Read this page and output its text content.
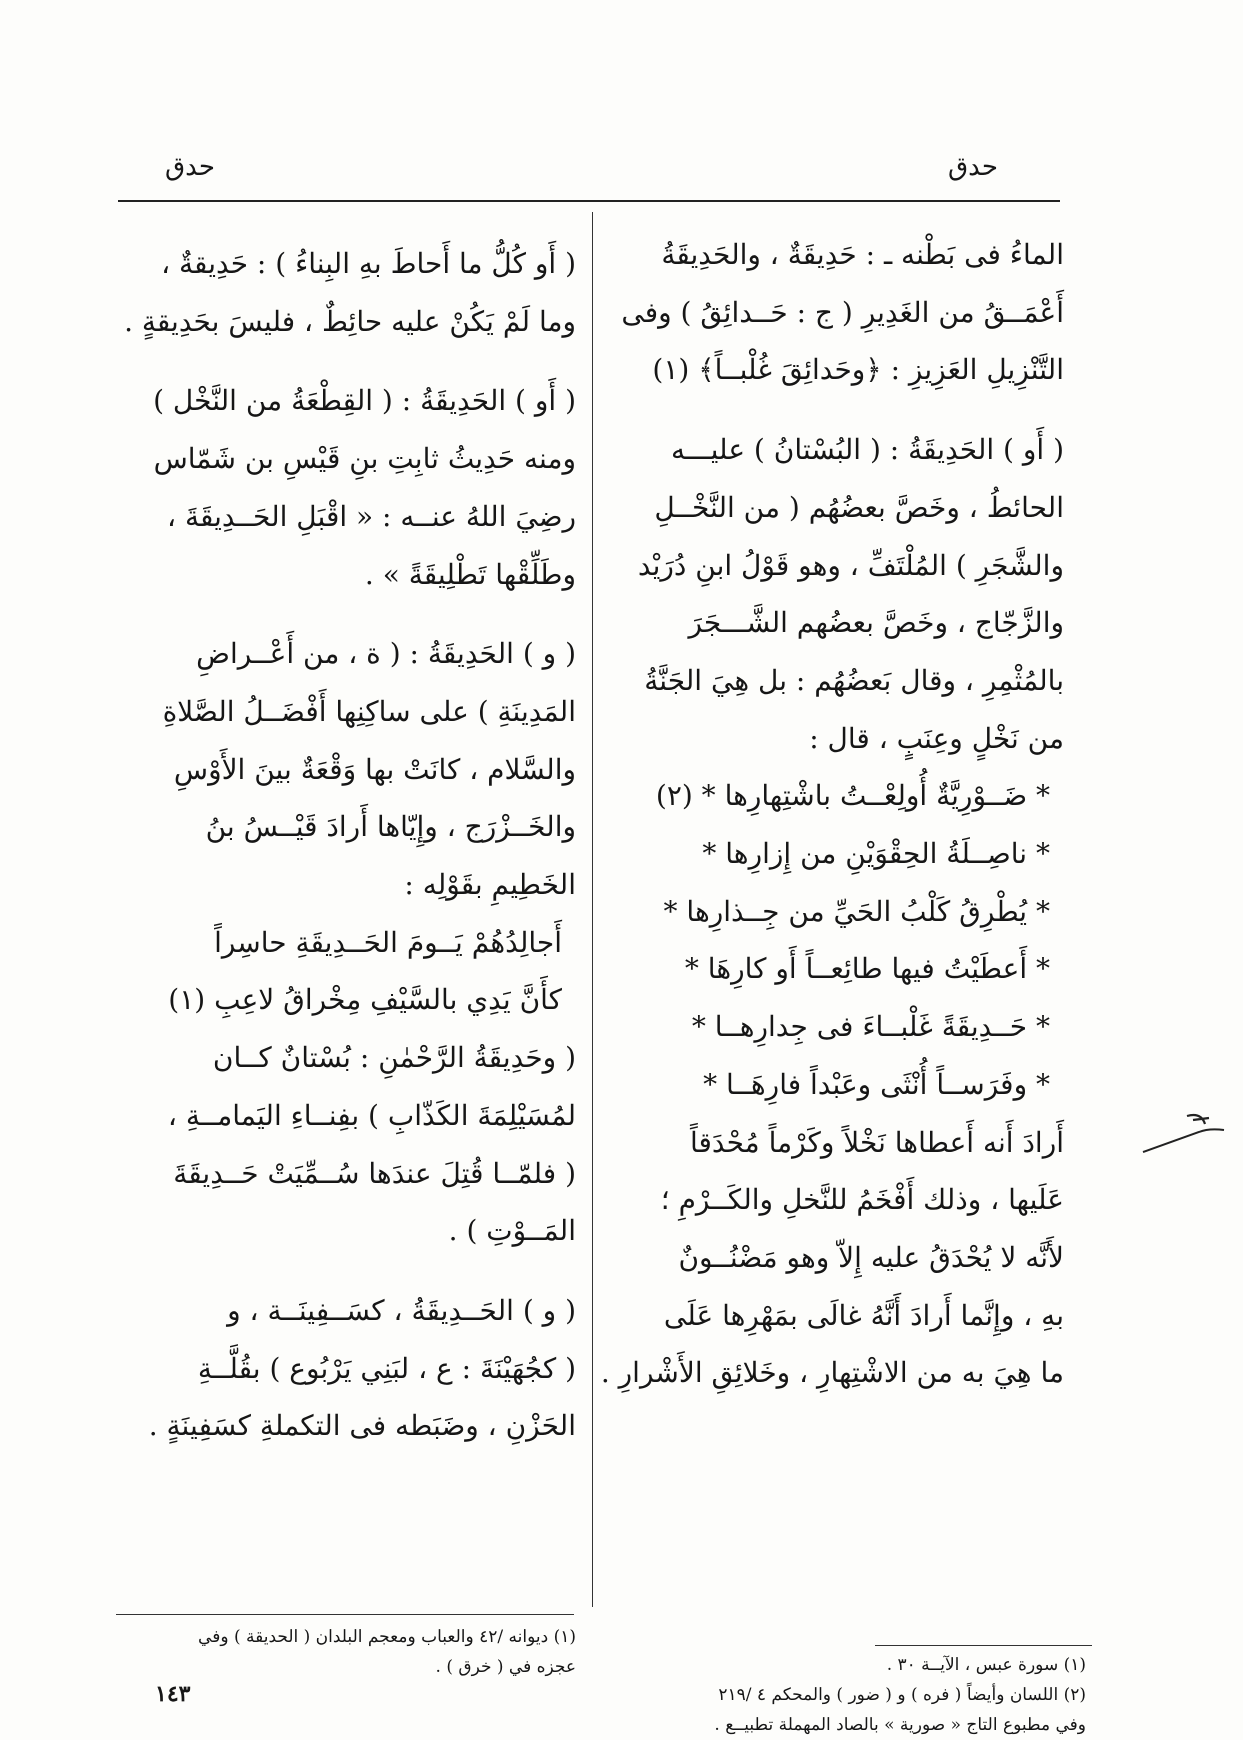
حدق
حدق

الماءُ فى بَطْنه ـ : حَدِيقَةٌ ، والحَدِيقَةُ

أَعْمَــقُ من الغَدِيرِ ( ج : حَــدائِقُ ) وفى

التَّنْزِيلِ العَزِيزِ : ﴿وحَدائِقَ غُلْبــاً﴾ (١)

( أَو ) الحَدِيقَةُ : ( البُسْتانُ ) عليـــه

الحائطُ ، وخَصَّ بعضُهُم ( من النَّخْــلِ

والشَّجَرِ ) المُلْتَفِّ ، وهو قَوْلُ ابنِ دُرَيْد

والزَّجّاج ، وخَصَّ بعضُهم الشَّـــجَرَ

بالمُثْمِرِ ، وقال بَعضُهُم : بل هِيَ الجَنَّةُ

من نَخْلٍ وعِنَبٍ ، قال :

* ضَــوْرِيَّةٌ أُولِعْــتُ باشْتِهارِها * (٢)

* ناصِــلَةُ الحِقْوَيْنِ من إِزارِها *

* يُطْرِقُ كَلْبُ الحَيِّ من جِــذارِها *

* أَعطَيْتُ فيها طائِعــاً أَو كارِهَا *

* حَــدِيقَةً غَلْبــاءَ فى جِدارِهــا *

* وفَرَســاً أُنْثَى وعَبْداً فارِهَــا *

أَرادَ أَنه أَعطاها نَخْلاً وكَرْماً مُحْدَقاً

عَلَيها ، وذلك أَفْخَمُ للنَّخلِ والكَــرْمِ ؛

لأَنَّه لا يُحْدَقُ عليه إِلاّ وهو مَضْنُــونٌ

بهِ ، وإِنَّما أَرادَ أَنَّهُ غالَى بمَهْرِها عَلَى

ما هِيَ به من الاشْتِهارِ ، وخَلائِقِ الأَشْرارِ .

( أَو كُلُّ ما أَحاطَ بهِ البِناءُ ) : حَدِيقةٌ ،

وما لَمْ يَكُنْ عليه حائِطٌ ، فليسَ بحَدِيقةٍ .

( أَو ) الحَدِيقَةُ : ( القِطْعَةُ من النَّخْل )

ومنه حَدِيثُ ثابِتِ بنِ قَيْسِ بن شَمّاس

رضِيَ اللهُ عنــه : « اقْبَلِ الحَــدِيقَةَ ،

وطَلِّقْها تَطْلِيقَةً » .

( و ) الحَدِيقَةُ : ( ة ، من أَعْــراضِ

المَدِينَةِ ) على ساكِنِها أَفْضَــلُ الصَّلاةِ

والسَّلام ، كانَتْ بها وَقْعَةٌ بينَ الأَوْسِ

والخَــزْرَج ، وإِيّاها أَرادَ قَيْــسُ بنُ

الخَطِيمِ بقَوْلِه :

أَجالِدُهُمْ يَــومَ الحَــدِيقَةِ حاسِراً

كأَنَّ يَدِي بالسَّيْفِ مِخْراقُ لاعِبِ (١)

( وحَدِيقَةُ الرَّحْمٰنِ : بُسْتانٌ كــان

لمُسَيْلِمَةَ الكَذّابِ ) بفِنــاءِ اليَمامــةِ ،

( فلمّــا قُتِلَ عندَها سُــمِّيَتْ حَــدِيقَةَ

المَــوْتِ ) .

( و ) الحَــدِيقَةُ ، كسَــفِينَــة ، و

( كجُهَيْنَةَ : ع ، لبَنِي يَرْبُوع ) بقُلَّــةِ

الحَزْنِ ، وضَبَطه فى التكملةِ كسَفِينَةٍ .

(١) سورة عبس ، الآيــة ٣٠ .

(٢) اللسان وأيضاً ( فره ) و ( ضور ) والمحكم ٤ /٢١٩

وفي مطبوع التاج « صورية » بالصاد المهملة تطبيــع .

(١) ديوانه /٤٢ والعباب ومعجم البلدان ( الحديقة ) وفي

عجزه في ( خرق ) .

١٤٣
